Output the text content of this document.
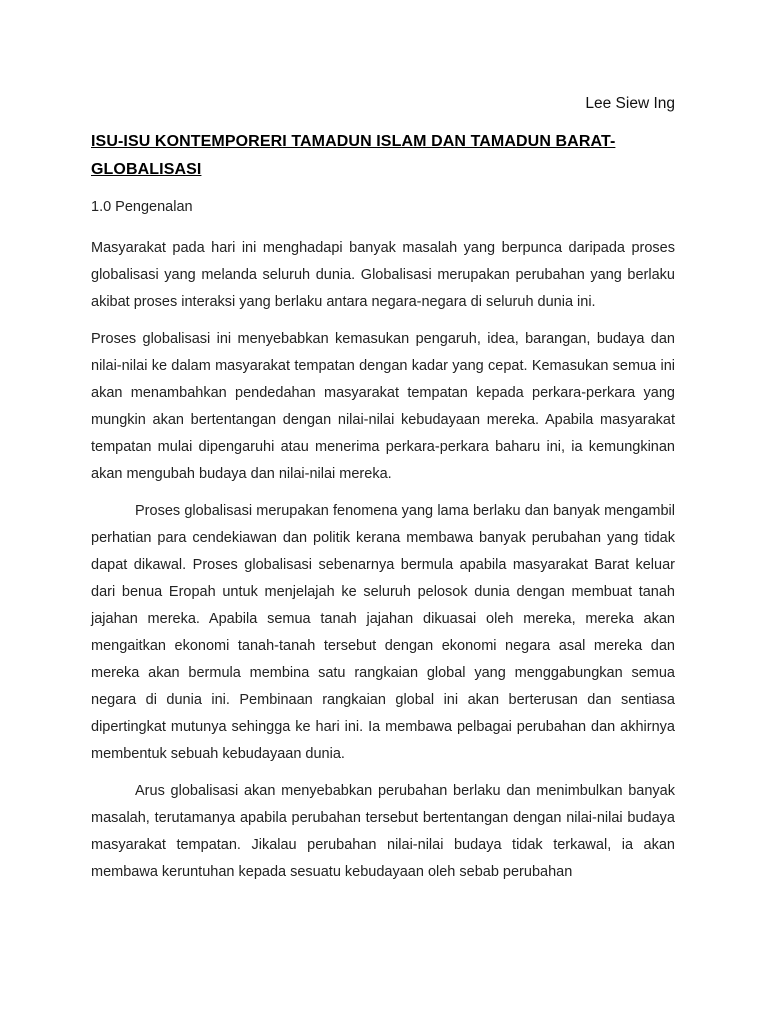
Lee Siew Ing
ISU-ISU KONTEMPORERI TAMADUN ISLAM DAN TAMADUN BARAT-GLOBALISASI
1.0 Pengenalan

Masyarakat pada hari ini menghadapi banyak masalah yang berpunca daripada proses globalisasi yang melanda seluruh dunia. Globalisasi merupakan perubahan yang berlaku akibat proses interaksi yang berlaku antara negara-negara di seluruh dunia ini.

Proses globalisasi ini menyebabkan kemasukan pengaruh, idea, barangan, budaya dan nilai-nilai ke dalam masyarakat tempatan dengan kadar yang cepat. Kemasukan semua ini akan menambahkan pendedahan masyarakat tempatan kepada perkara-perkara yang mungkin akan bertentangan dengan nilai-nilai kebudayaan mereka. Apabila masyarakat tempatan mulai dipengaruhi atau menerima perkara-perkara baharu ini, ia kemungkinan akan mengubah budaya dan nilai-nilai mereka.

Proses globalisasi merupakan fenomena yang lama berlaku dan banyak mengambil perhatian para cendekiawan dan politik kerana membawa banyak perubahan yang tidak dapat dikawal. Proses globalisasi sebenarnya bermula apabila masyarakat Barat keluar dari benua Eropah untuk menjelajah ke seluruh pelosok dunia dengan membuat tanah jajahan mereka. Apabila semua tanah jajahan dikuasai oleh mereka, mereka akan mengaitkan ekonomi tanah-tanah tersebut dengan ekonomi negara asal mereka dan mereka akan bermula membina satu rangkaian global yang menggabungkan semua negara di dunia ini. Pembinaan rangkaian global ini akan berterusan dan sentiasa dipertingkat mutunya sehingga ke hari ini. Ia membawa pelbagai perubahan dan akhirnya membentuk sebuah kebudayaan dunia.

Arus globalisasi akan menyebabkan perubahan berlaku dan menimbulkan banyak masalah, terutamanya apabila perubahan tersebut bertentangan dengan nilai-nilai budaya masyarakat tempatan. Jikalau perubahan nilai-nilai budaya tidak terkawal, ia akan membawa keruntuhan kepada sesuatu kebudayaan oleh sebab perubahan
